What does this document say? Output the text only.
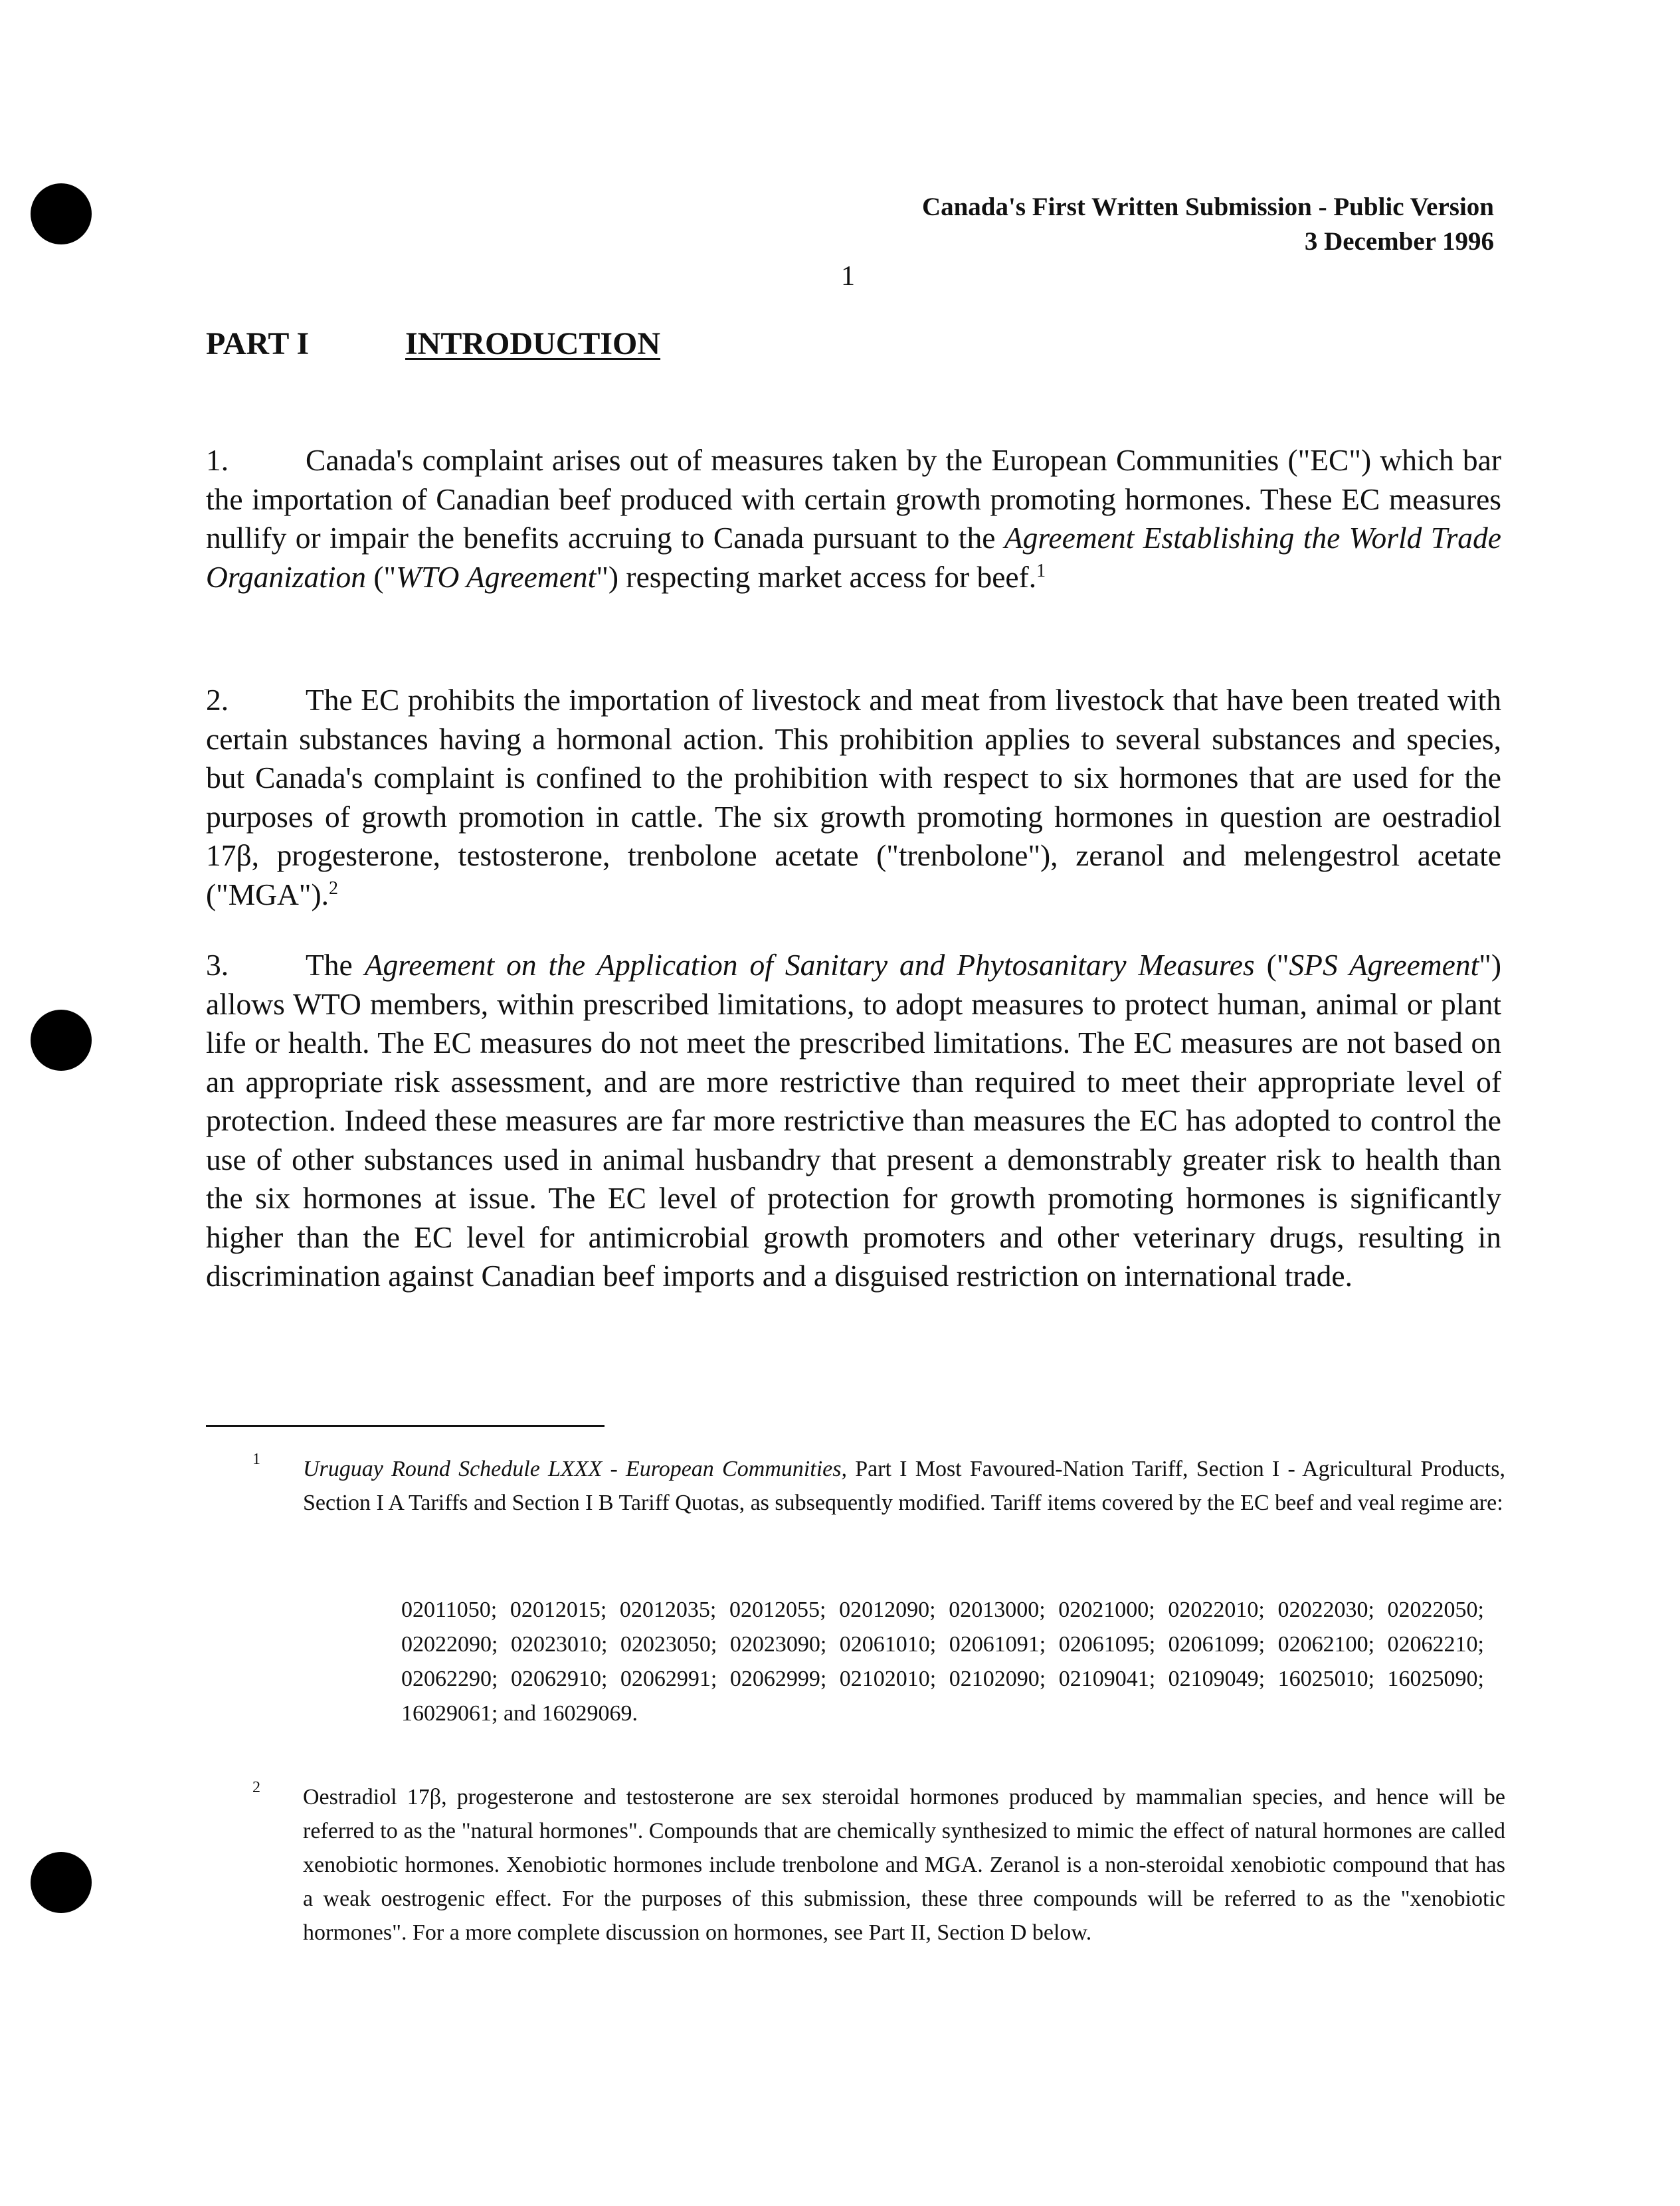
Canada's First Written Submission - Public Version
3 December 1996
1
PART I	INTRODUCTION

1.	Canada's complaint arises out of measures taken by the European Communities ("EC") which bar the importation of Canadian beef produced with certain growth promoting hormones. These EC measures nullify or impair the benefits accruing to Canada pursuant to the Agreement Establishing the World Trade Organization ("WTO Agreement") respecting market access for beef.$^1$

2.	The EC prohibits the importation of livestock and meat from livestock that have been treated with certain substances having a hormonal action. This prohibition applies to several substances and species, but Canada's complaint is confined to the prohibition with respect to six hormones that are used for the purposes of growth promotion in cattle. The six growth promoting hormones in question are oestradiol 17β, progesterone, testosterone, trenbolone acetate ("trenbolone"), zeranol and melengestrol acetate ("MGA").$^2$

3.	The Agreement on the Application of Sanitary and Phytosanitary Measures ("SPS Agreement") allows WTO members, within prescribed limitations, to adopt measures to protect human, animal or plant life or health. The EC measures do not meet the prescribed limitations. The EC measures are not based on an appropriate risk assessment, and are more restrictive than required to meet their appropriate level of protection. Indeed these measures are far more restrictive than measures the EC has adopted to control the use of other substances used in animal husbandry that present a demonstrably greater risk to health than the six hormones at issue. The EC level of protection for growth promoting hormones is significantly higher than the EC level for antimicrobial growth promoters and other veterinary drugs, resulting in discrimination against Canadian beef imports and a disguised restriction on international trade.

1 Uruguay Round Schedule LXXX - European Communities, Part I Most Favoured-Nation Tariff, Section I - Agricultural Products, Section I A Tariffs and Section I B Tariff Quotas, as subsequently modified. Tariff items covered by the EC beef and veal regime are:

02011050; 02012015; 02012035; 02012055; 02012090; 02013000; 02021000; 02022010; 02022030; 02022050; 02022090; 02023010; 02023050; 02023090; 02061010; 02061091; 02061095; 02061099; 02062100; 02062210; 02062290; 02062910; 02062991; 02062999; 02102010; 02102090; 02109041; 02109049; 16025010; 16025090; 16029061; and 16029069.

2 Oestradiol 17β, progesterone and testosterone are sex steroidal hormones produced by mammalian species, and hence will be referred to as the "natural hormones". Compounds that are chemically synthesized to mimic the effect of natural hormones are called xenobiotic hormones. Xenobiotic hormones include trenbolone and MGA. Zeranol is a non-steroidal xenobiotic compound that has a weak oestrogenic effect. For the purposes of this submission, these three compounds will be referred to as the "xenobiotic hormones". For a more complete discussion on hormones, see Part II, Section D below.
